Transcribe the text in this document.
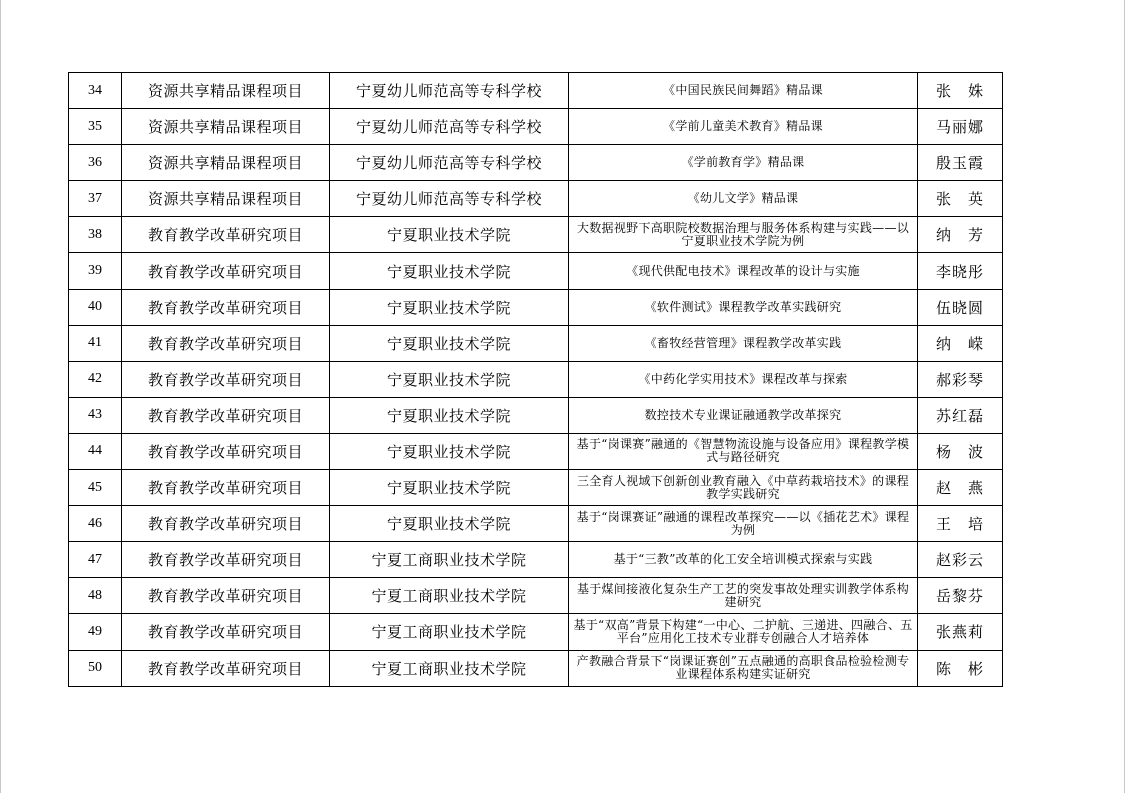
34	资源共享精品课程项目	宁夏幼儿师范高等专科学校	《中国民族民间舞蹈》精品课	张　姝
35	资源共享精品课程项目	宁夏幼儿师范高等专科学校	《学前儿童美术教育》精品课	马丽娜
36	资源共享精品课程项目	宁夏幼儿师范高等专科学校	《学前教育学》精品课	殷玉霞
37	资源共享精品课程项目	宁夏幼儿师范高等专科学校	《幼儿文学》精品课	张　英
38	教育教学改革研究项目	宁夏职业技术学院	大数据视野下高职院校数据治理与服务体系构建与实践——以宁夏职业技术学院为例	纳　芳
39	教育教学改革研究项目	宁夏职业技术学院	《现代供配电技术》课程改革的设计与实施	李晓彤
40	教育教学改革研究项目	宁夏职业技术学院	《软件测试》课程教学改革实践研究	伍晓圆
41	教育教学改革研究项目	宁夏职业技术学院	《畜牧经营管理》课程教学改革实践	纳　嵘
42	教育教学改革研究项目	宁夏职业技术学院	《中药化学实用技术》课程改革与探索	郝彩琴
43	教育教学改革研究项目	宁夏职业技术学院	数控技术专业课证融通教学改革探究	苏红磊
44	教育教学改革研究项目	宁夏职业技术学院	基于“岗课赛”融通的《智慧物流设施与设备应用》课程教学模式与路径研究	杨　波
45	教育教学改革研究项目	宁夏职业技术学院	三全育人视域下创新创业教育融入《中草药栽培技术》的课程教学实践研究	赵　燕
46	教育教学改革研究项目	宁夏职业技术学院	基于“岗课赛证”融通的课程改革探究——以《插花艺术》课程为例	王　培
47	教育教学改革研究项目	宁夏工商职业技术学院	基于“三教”改革的化工安全培训模式探索与实践	赵彩云
48	教育教学改革研究项目	宁夏工商职业技术学院	基于煤间接液化复杂生产工艺的突发事故处理实训教学体系构建研究	岳黎芬
49	教育教学改革研究项目	宁夏工商职业技术学院	基于“双高”背景下构建“一中心、二护航、三递进、四融合、五平台”应用化工技术专业群专创融合人才培养体	张燕莉
50	教育教学改革研究项目	宁夏工商职业技术学院	产教融合背景下“岗课证赛创”五点融通的高职食品检验检测专业课程体系构建实证研究	陈　彬
